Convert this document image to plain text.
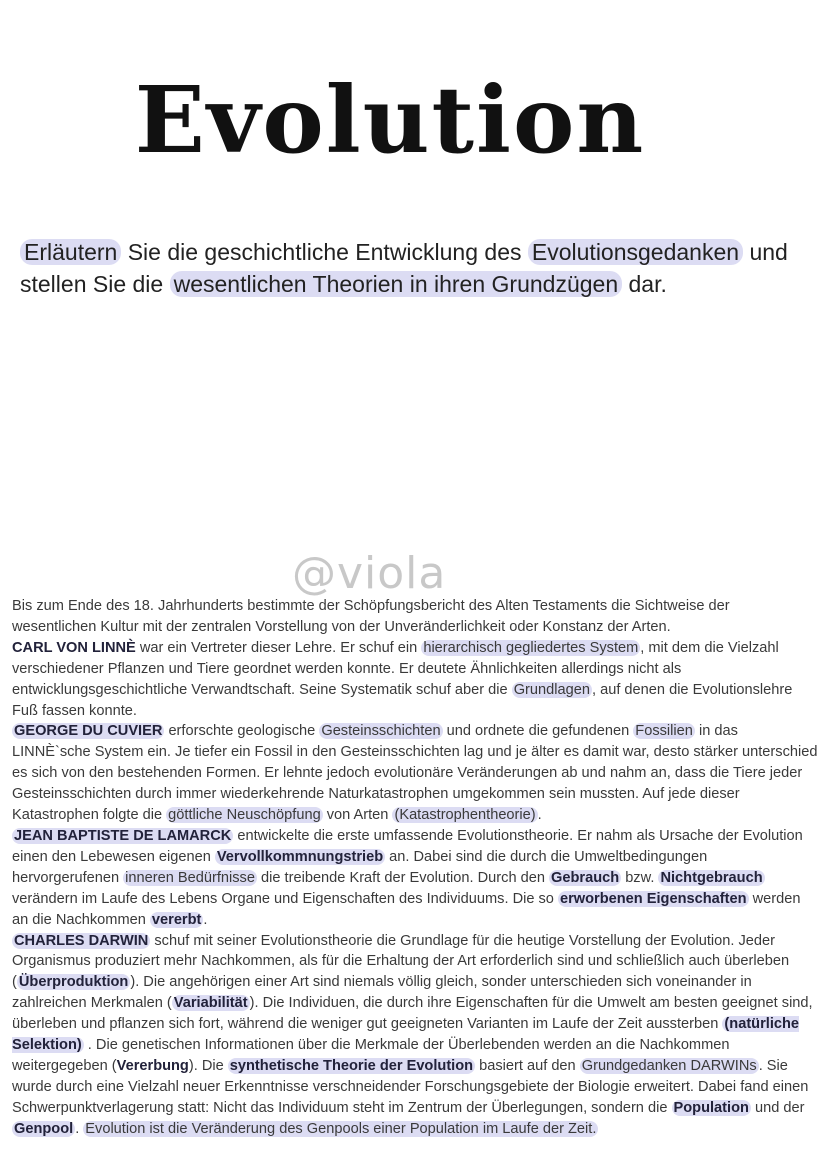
Evolution
Erläutern Sie die geschichtliche Entwicklung des Evolutionsgedanken und stellen Sie die wesentlichen Theorien in ihren Grundzügen dar.
@viola

Bis zum Ende des 18. Jahrhunderts bestimmte der Schöpfungsbericht des Alten Testaments die Sichtweise der wesentlichen Kultur mit der zentralen Vorstellung von der Unveränderlichkeit oder Konstanz der Arten.

CARL VON LINNÈ war ein Vertreter dieser Lehre. Er schuf ein hierarchisch gegliedertes System , mit dem die Vielzahl verschiedener Pflanzen und Tiere geordnet werden konnte. Er deutete Ähnlichkeiten allerdings nicht als entwicklungsgeschichtliche Verwandtschaft. Seine Systematik schuf aber die Grundlagen , auf denen die Evolutionslehre Fuß fassen konnte.

GEORGE DU CUVIER erforschte geologische Gesteinsschichten und ordnete die gefundenen Fossilien in das LINNÈ`sche System ein. Je tiefer ein Fossil in den Gesteinsschichten lag und je älter es damit war, desto stärker unterschied es sich von den bestehenden Formen. Er lehnte jedoch evolutionäre Veränderungen ab und nahm an, dass die Tiere jeder Gesteinsschichten durch immer wiederkehrende Naturkatastrophen umgekommen sein mussten. Auf jede dieser Katastrophen folgte die göttliche Neuschöpfung von Arten (Katastrophentheorie) .

JEAN BAPTISTE DE LAMARCK entwickelte die erste umfassende Evolutionstheorie. Er nahm als Ursache der Evolution einen den Lebewesen eigenen Vervollkommnungstrieb an. Dabei sind die durch die Umweltbedingungen hervorgerufenen inneren Bedürfnisse die treibende Kraft der Evolution. Durch den Gebrauch bzw. Nichtgebrauch verändern im Laufe des Lebens Organe und Eigenschaften des Individuums. Die so erworbenen Eigenschaften werden an die Nachkommen vererbt .

CHARLES DARWIN schuf mit seiner Evolutionstheorie die Grundlage für die heutige Vorstellung der Evolution. Jeder Organismus produziert mehr Nachkommen, als für die Erhaltung der Art erforderlich sind und schließlich auch überleben ( Überproduktion ). Die angehörigen einer Art sind niemals völlig gleich, sonder unterschieden sich voneinander in zahlreichen Merkmalen ( Variabilität ). Die Individuen, die durch ihre Eigenschaften für die Umwelt am besten geeignet sind, überleben und pflanzen sich fort, während die weniger gut geeigneten Varianten im Laufe der Zeit aussterben (natürliche Selektion) . Die genetischen Informationen über die Merkmale der Überlebenden werden an die Nachkommen weitergegeben (Vererbung). Die synthetische Theorie der Evolution basiert auf den Grundgedanken DARWINs . Sie wurde durch eine Vielzahl neuer Erkenntnisse verschneidender Forschungsgebiete der Biologie erweitert. Dabei fand einen Schwerpunktverlagerung statt: Nicht das Individuum steht im Zentrum der Überlegungen, sondern die Population und der Genpool . Evolution ist die Veränderung des Genpools einer Population im Laufe der Zeit.
